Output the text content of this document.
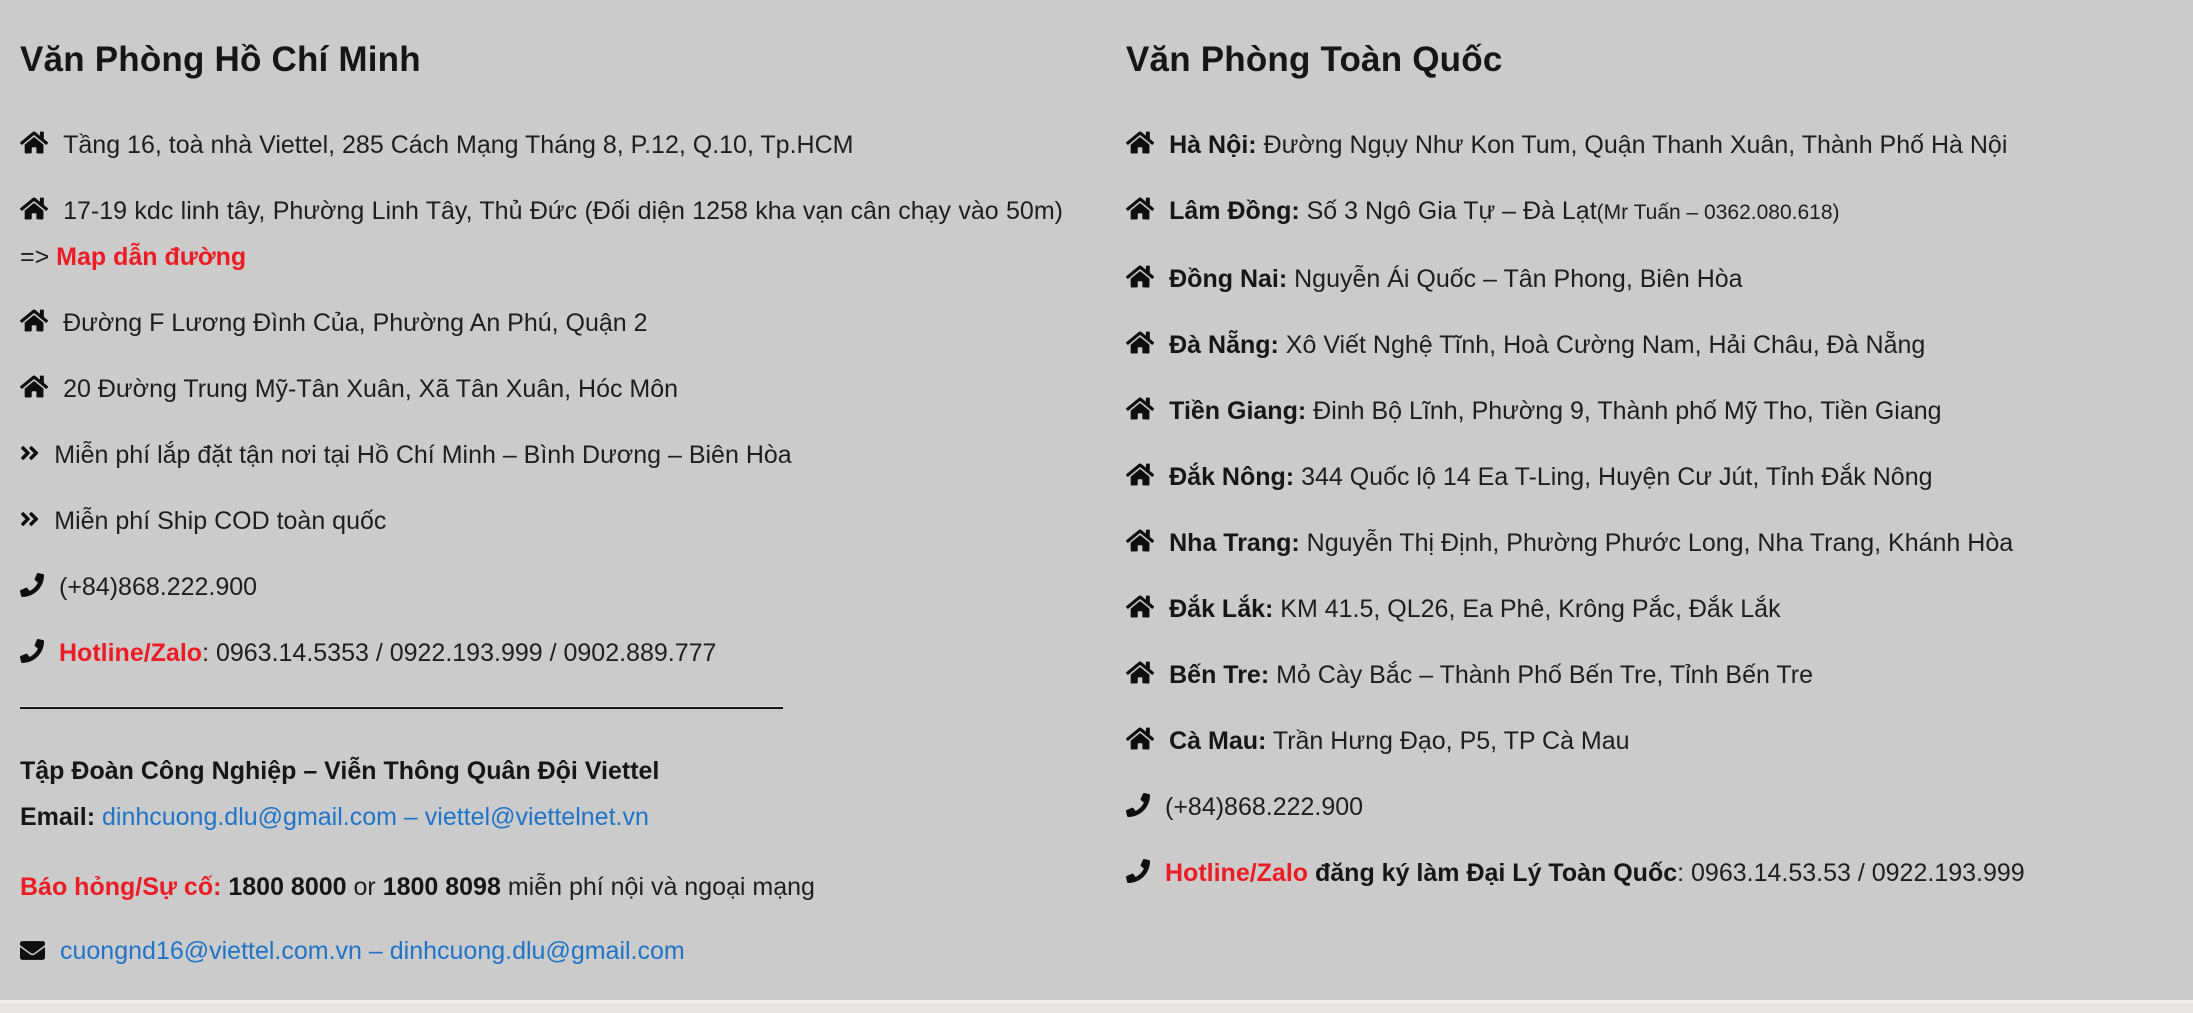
Văn Phòng Hồ Chí Minh
Tầng 16, toà nhà Viettel, 285 Cách Mạng Tháng 8, P.12, Q.10, Tp.HCM
17-19 kdc linh tây, Phường Linh Tây, Thủ Đức (Đối diện 1258 kha vạn cân chạy vào 50m) => Map dẫn đường
Đường F Lương Đình Của, Phường An Phú, Quận 2
20 Đường Trung Mỹ-Tân Xuân, Xã Tân Xuân, Hóc Môn
Miễn phí lắp đặt tận nơi tại Hồ Chí Minh – Bình Dương – Biên Hòa
Miễn phí Ship COD toàn quốc
(+84)868.222.900
Hotline/Zalo: 0963.14.5353 / 0922.193.999 / 0902.889.777
Tập Đoàn Công Nghiệp – Viễn Thông Quân Đội Viettel
Email: dinhcuong.dlu@gmail.com – viettel@viettelnet.vn
Báo hỏng/Sự cố: 1800 8000 or 1800 8098 miễn phí nội và ngoại mạng
cuongnd16@viettel.com.vn – dinhcuong.dlu@gmail.com
Văn Phòng Toàn Quốc
Hà Nội: Đường Ngụy Như Kon Tum, Quận Thanh Xuân, Thành Phố Hà Nội
Lâm Đồng: Số 3 Ngô Gia Tự – Đà Lạt(Mr Tuấn – 0362.080.618)
Đồng Nai: Nguyễn Ái Quốc – Tân Phong, Biên Hòa
Đà Nẵng: Xô Viết Nghệ Tĩnh, Hoà Cường Nam, Hải Châu, Đà Nẵng
Tiền Giang: Đinh Bộ Lĩnh, Phường 9, Thành phố Mỹ Tho, Tiền Giang
Đắk Nông: 344 Quốc lộ 14 Ea T-Ling, Huyện Cư Jút, Tỉnh Đắk Nông
Nha Trang: Nguyễn Thị Định, Phường Phước Long, Nha Trang, Khánh Hòa
Đắk Lắk: KM 41.5, QL26, Ea Phê, Krông Pắc, Đắk Lắk
Bến Tre: Mỏ Cày Bắc – Thành Phố Bến Tre, Tỉnh Bến Tre
Cà Mau: Trần Hưng Đạo, P5, TP Cà Mau
(+84)868.222.900
Hotline/Zalo đăng ký làm Đại Lý Toàn Quốc: 0963.14.53.53 / 0922.193.999
